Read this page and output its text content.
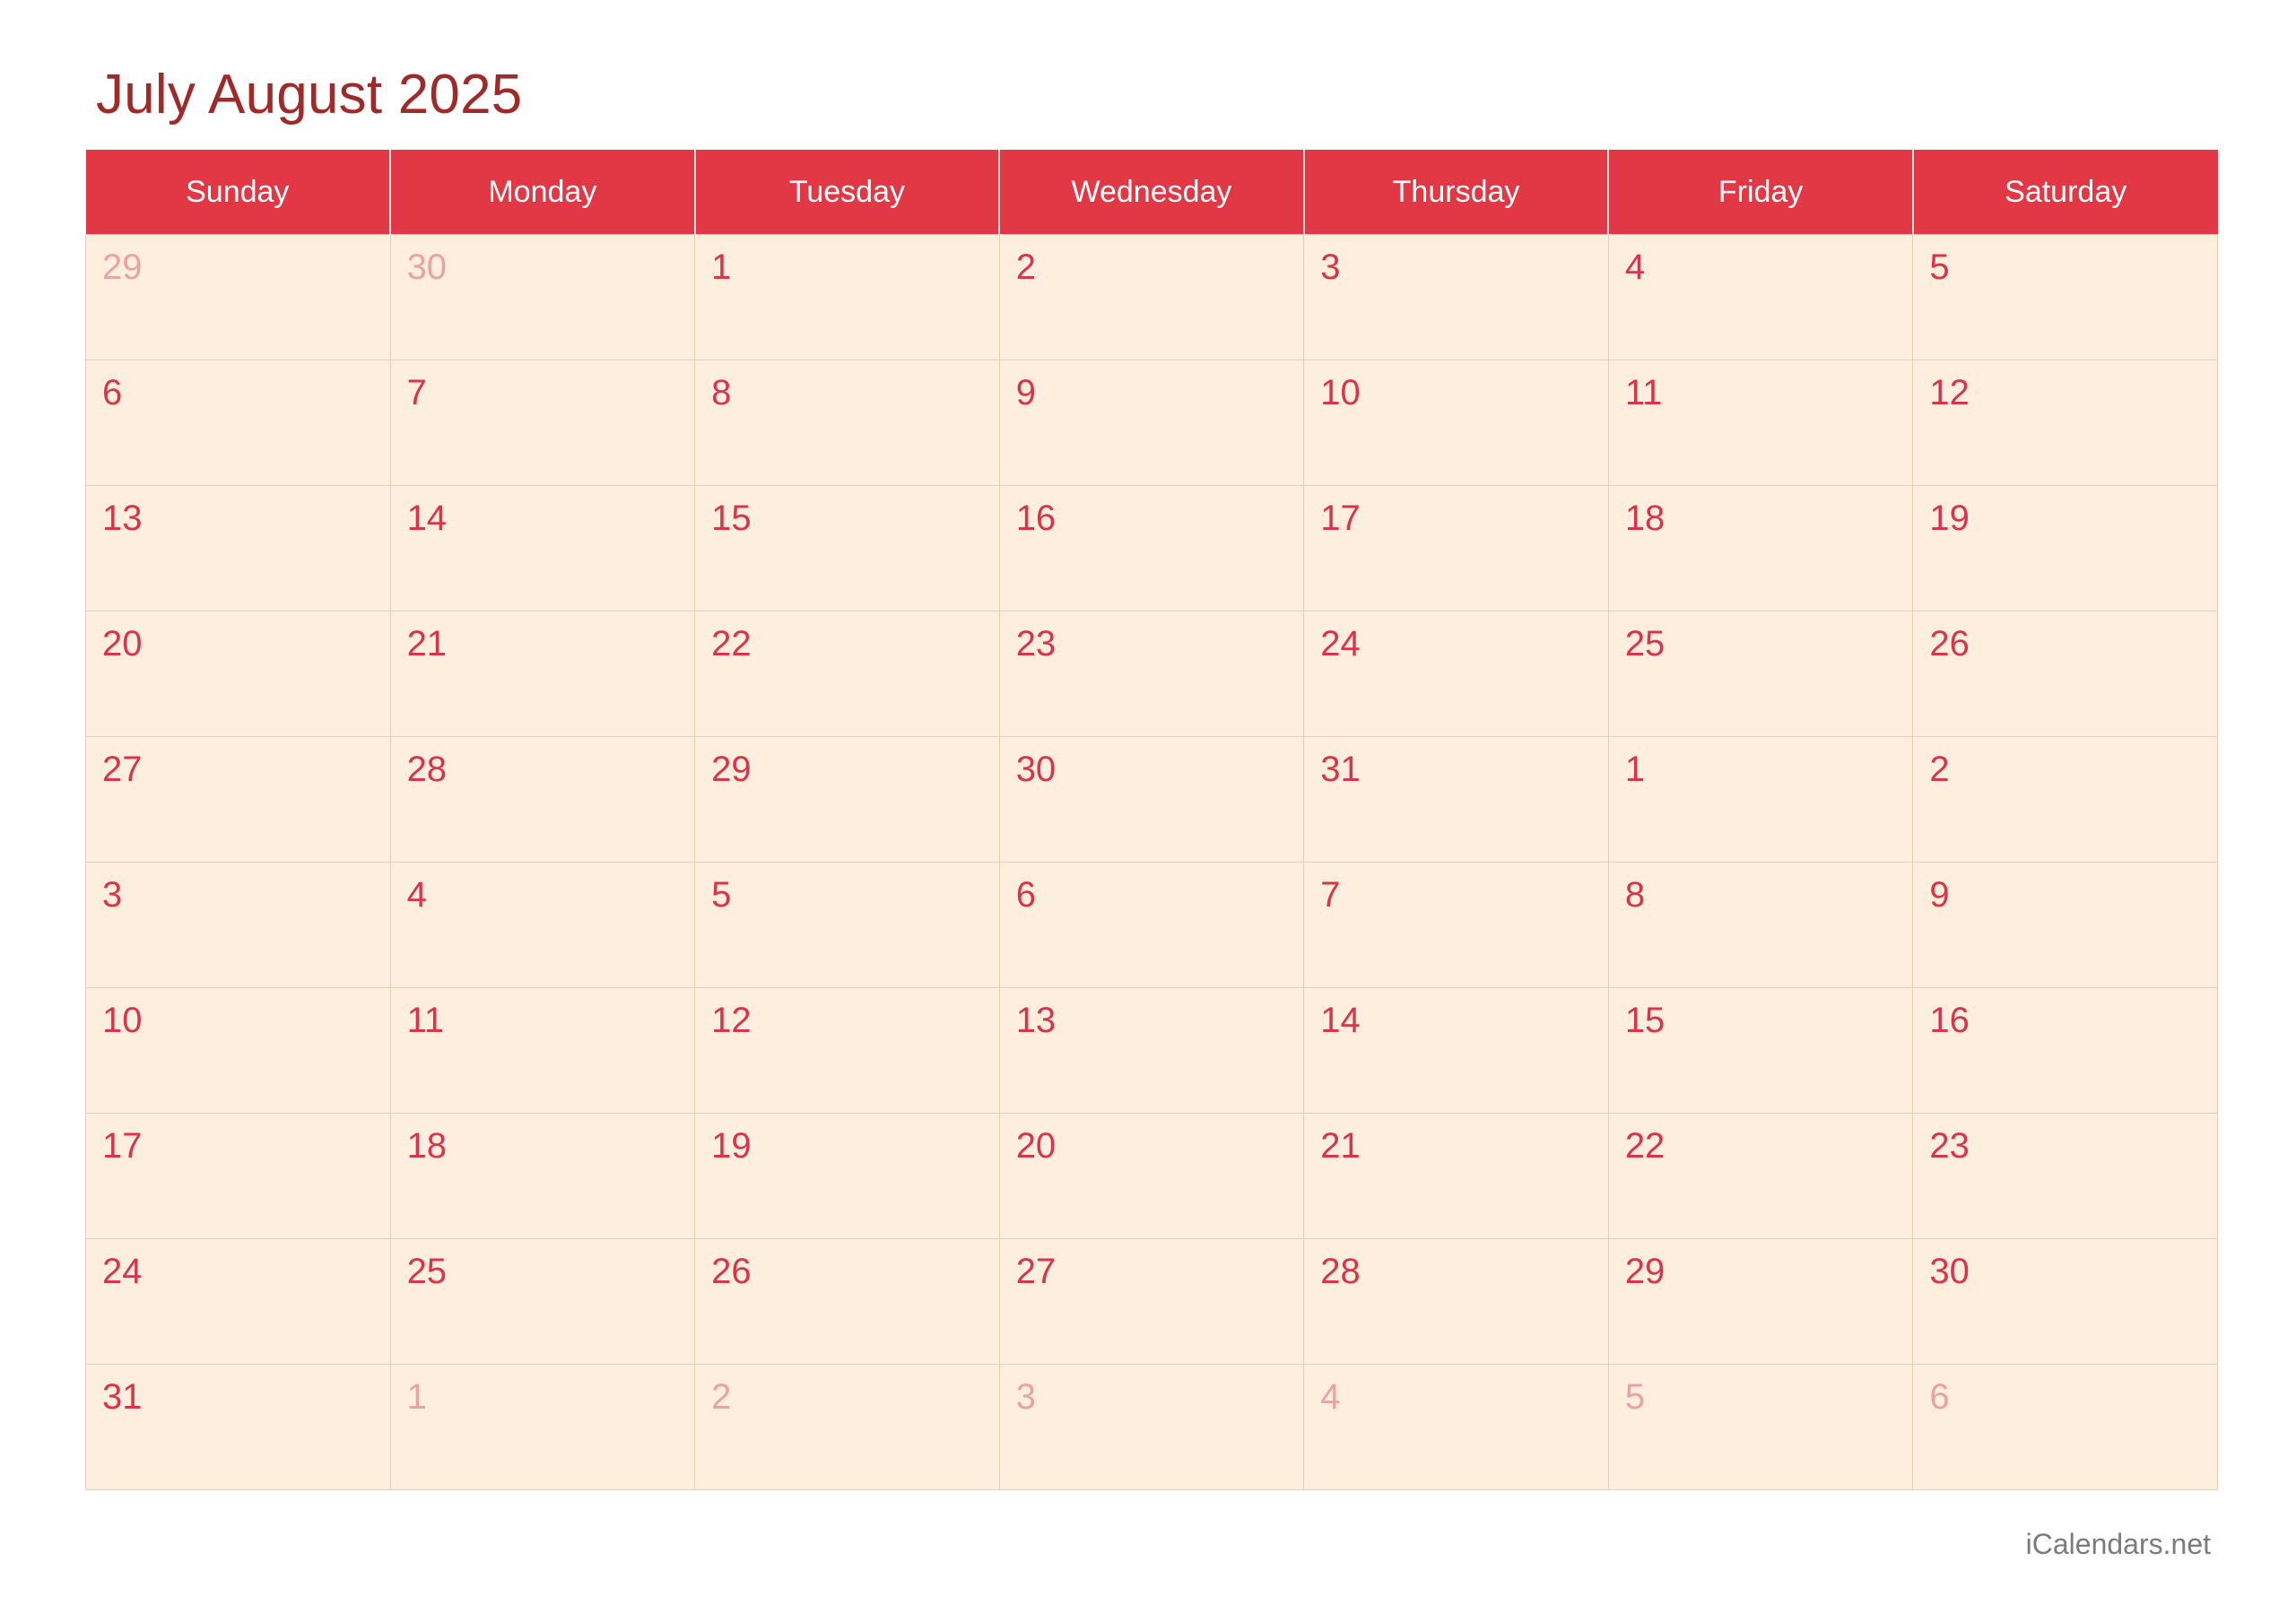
July August 2025
Sunday	Monday	Tuesday	Wednesday	Thursday	Friday	Saturday

29	30	1	2	3	4	5

6	7	8	9	10	11	12

13	14	15	16	17	18	19

20	21	22	23	24	25	26

27	28	29	30	31	1	2

3	4	5	6	7	8	9

10	11	12	13	14	15	16

17	18	19	20	21	22	23

24	25	26	27	28	29	30

31	1	2	3	4	5	6
iCalendars.net
